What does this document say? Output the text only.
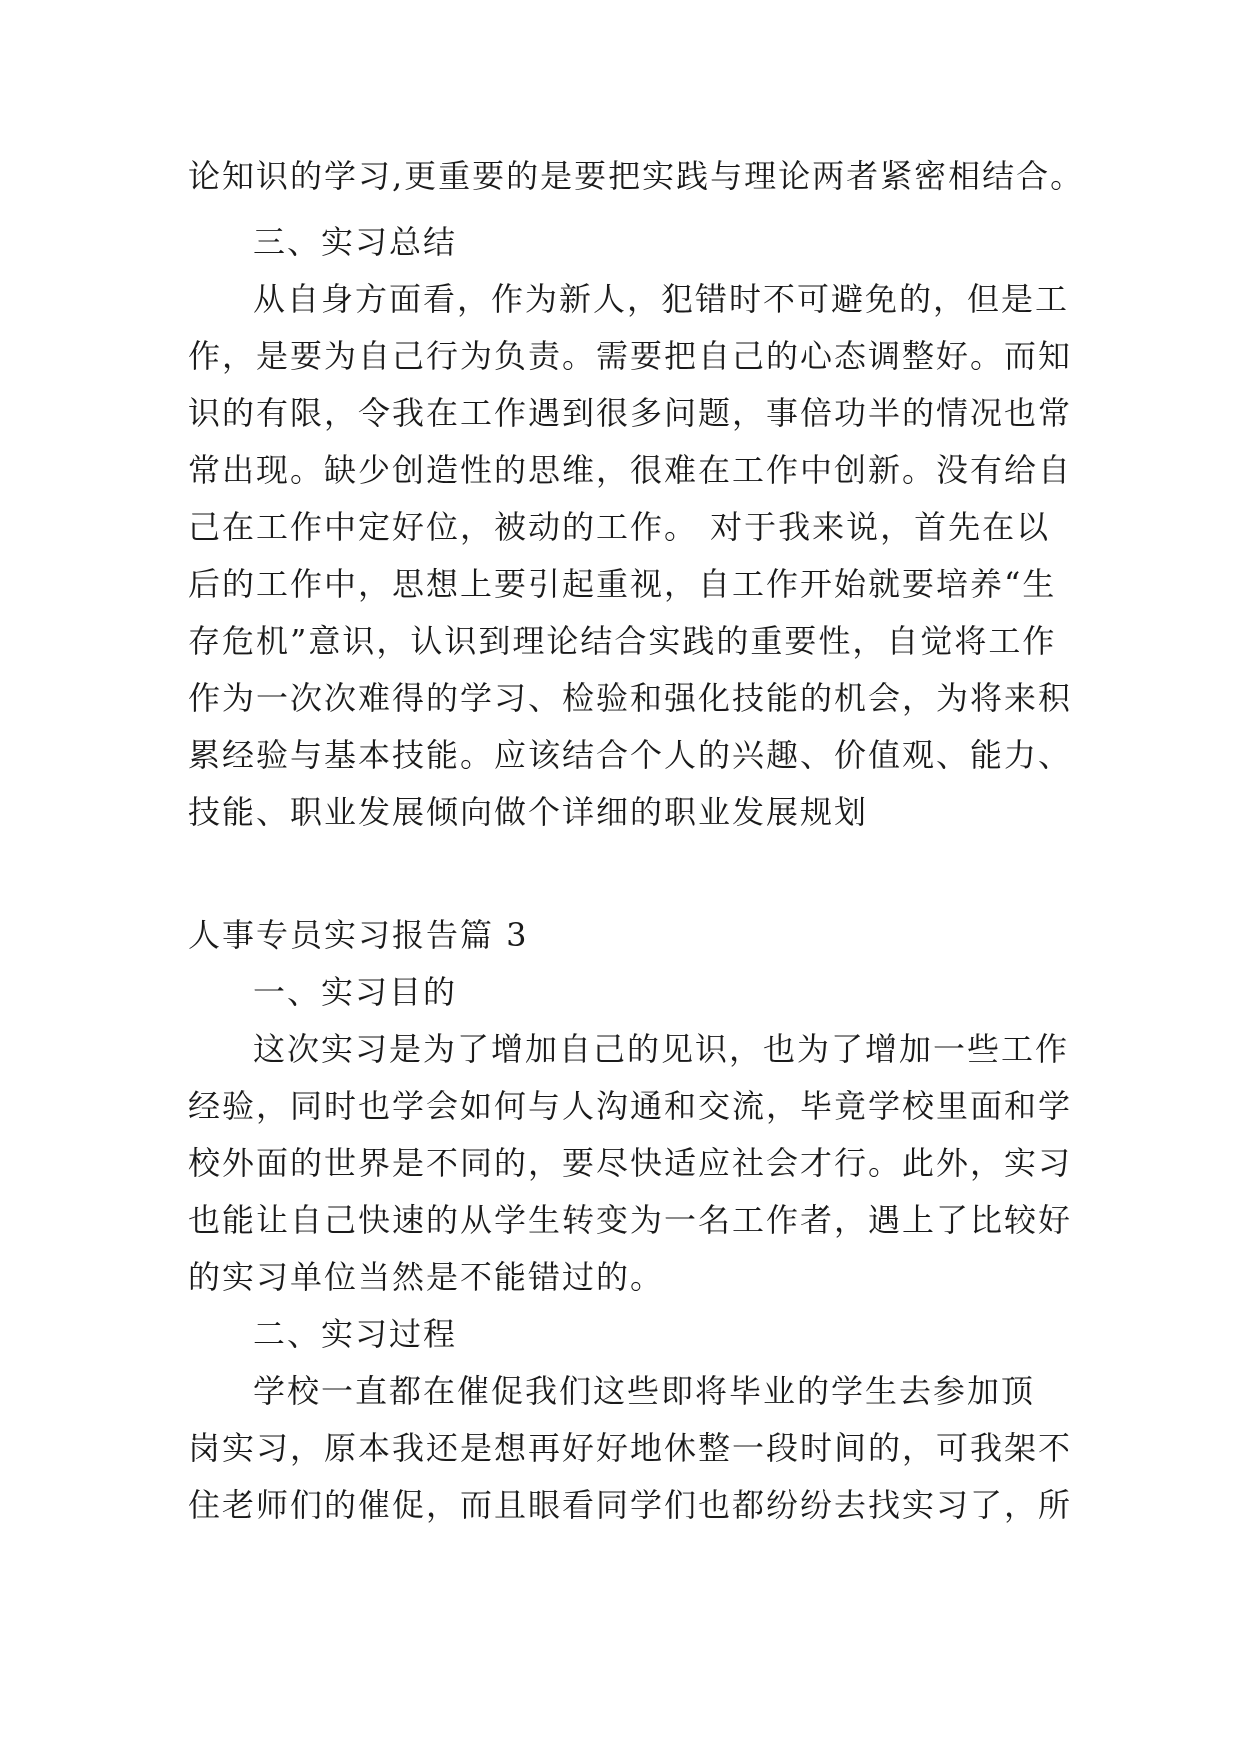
论知识的学习,更重要的是要把实践与理论两者紧密相结合。
三、实习总结
从自身方面看，作为新人，犯错时不可避免的，但是工
作，是要为自己行为负责。需要把自己的心态调整好。而知
识的有限，令我在工作遇到很多问题，事倍功半的情况也常
常出现。缺少创造性的思维，很难在工作中创新。没有给自
己在工作中定好位，被动的工作。 对于我来说，首先在以
后的工作中，思想上要引起重视，自工作开始就要培养“生
存危机”意识，认识到理论结合实践的重要性，自觉将工作
作为一次次难得的学习、检验和强化技能的机会，为将来积
累经验与基本技能。应该结合个人的兴趣、价值观、能力、
技能、职业发展倾向做个详细的职业发展规划
人事专员实习报告篇 3
一、实习目的
这次实习是为了增加自己的见识，也为了增加一些工作
经验，同时也学会如何与人沟通和交流，毕竟学校里面和学
校外面的世界是不同的，要尽快适应社会才行。此外，实习
也能让自己快速的从学生转变为一名工作者，遇上了比较好
的实习单位当然是不能错过的。
二、实习过程
学校一直都在催促我们这些即将毕业的学生去参加顶
岗实习，原本我还是想再好好地休整一段时间的，可我架不
住老师们的催促，而且眼看同学们也都纷纷去找实习了，所
